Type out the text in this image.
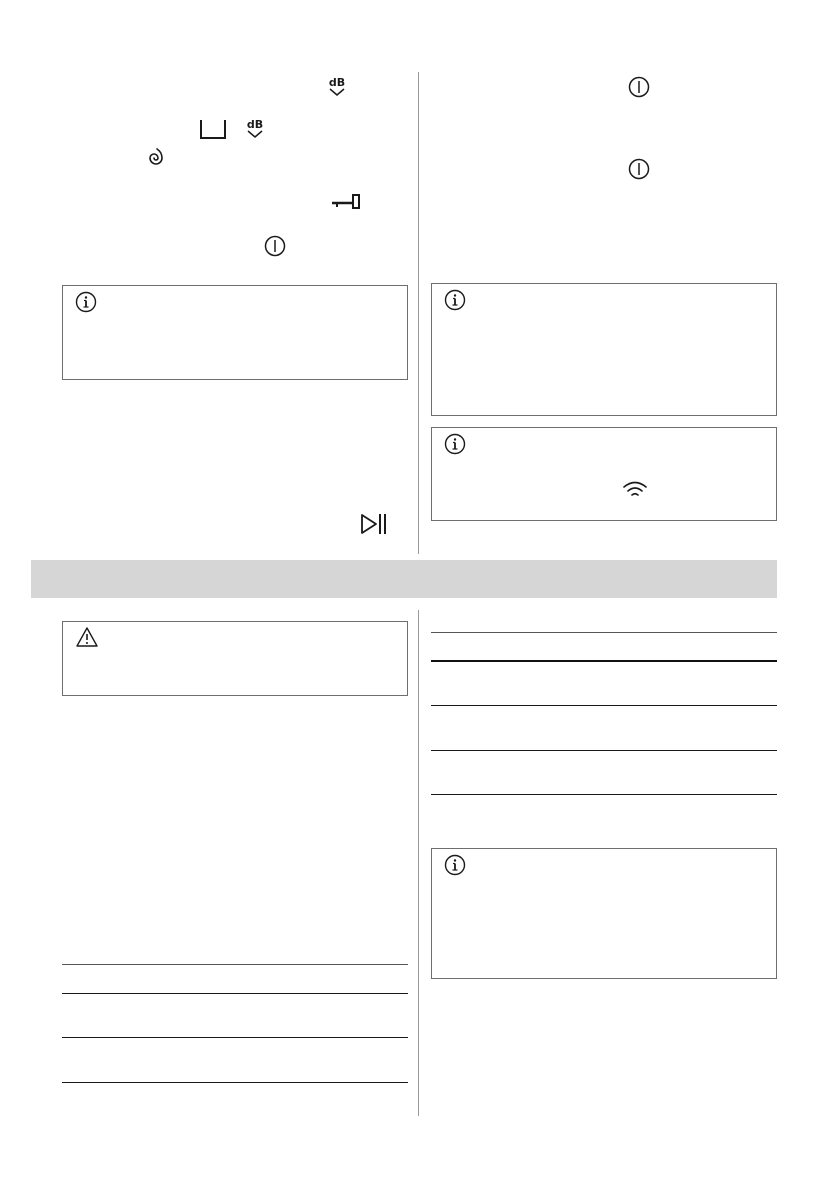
dB
dB
